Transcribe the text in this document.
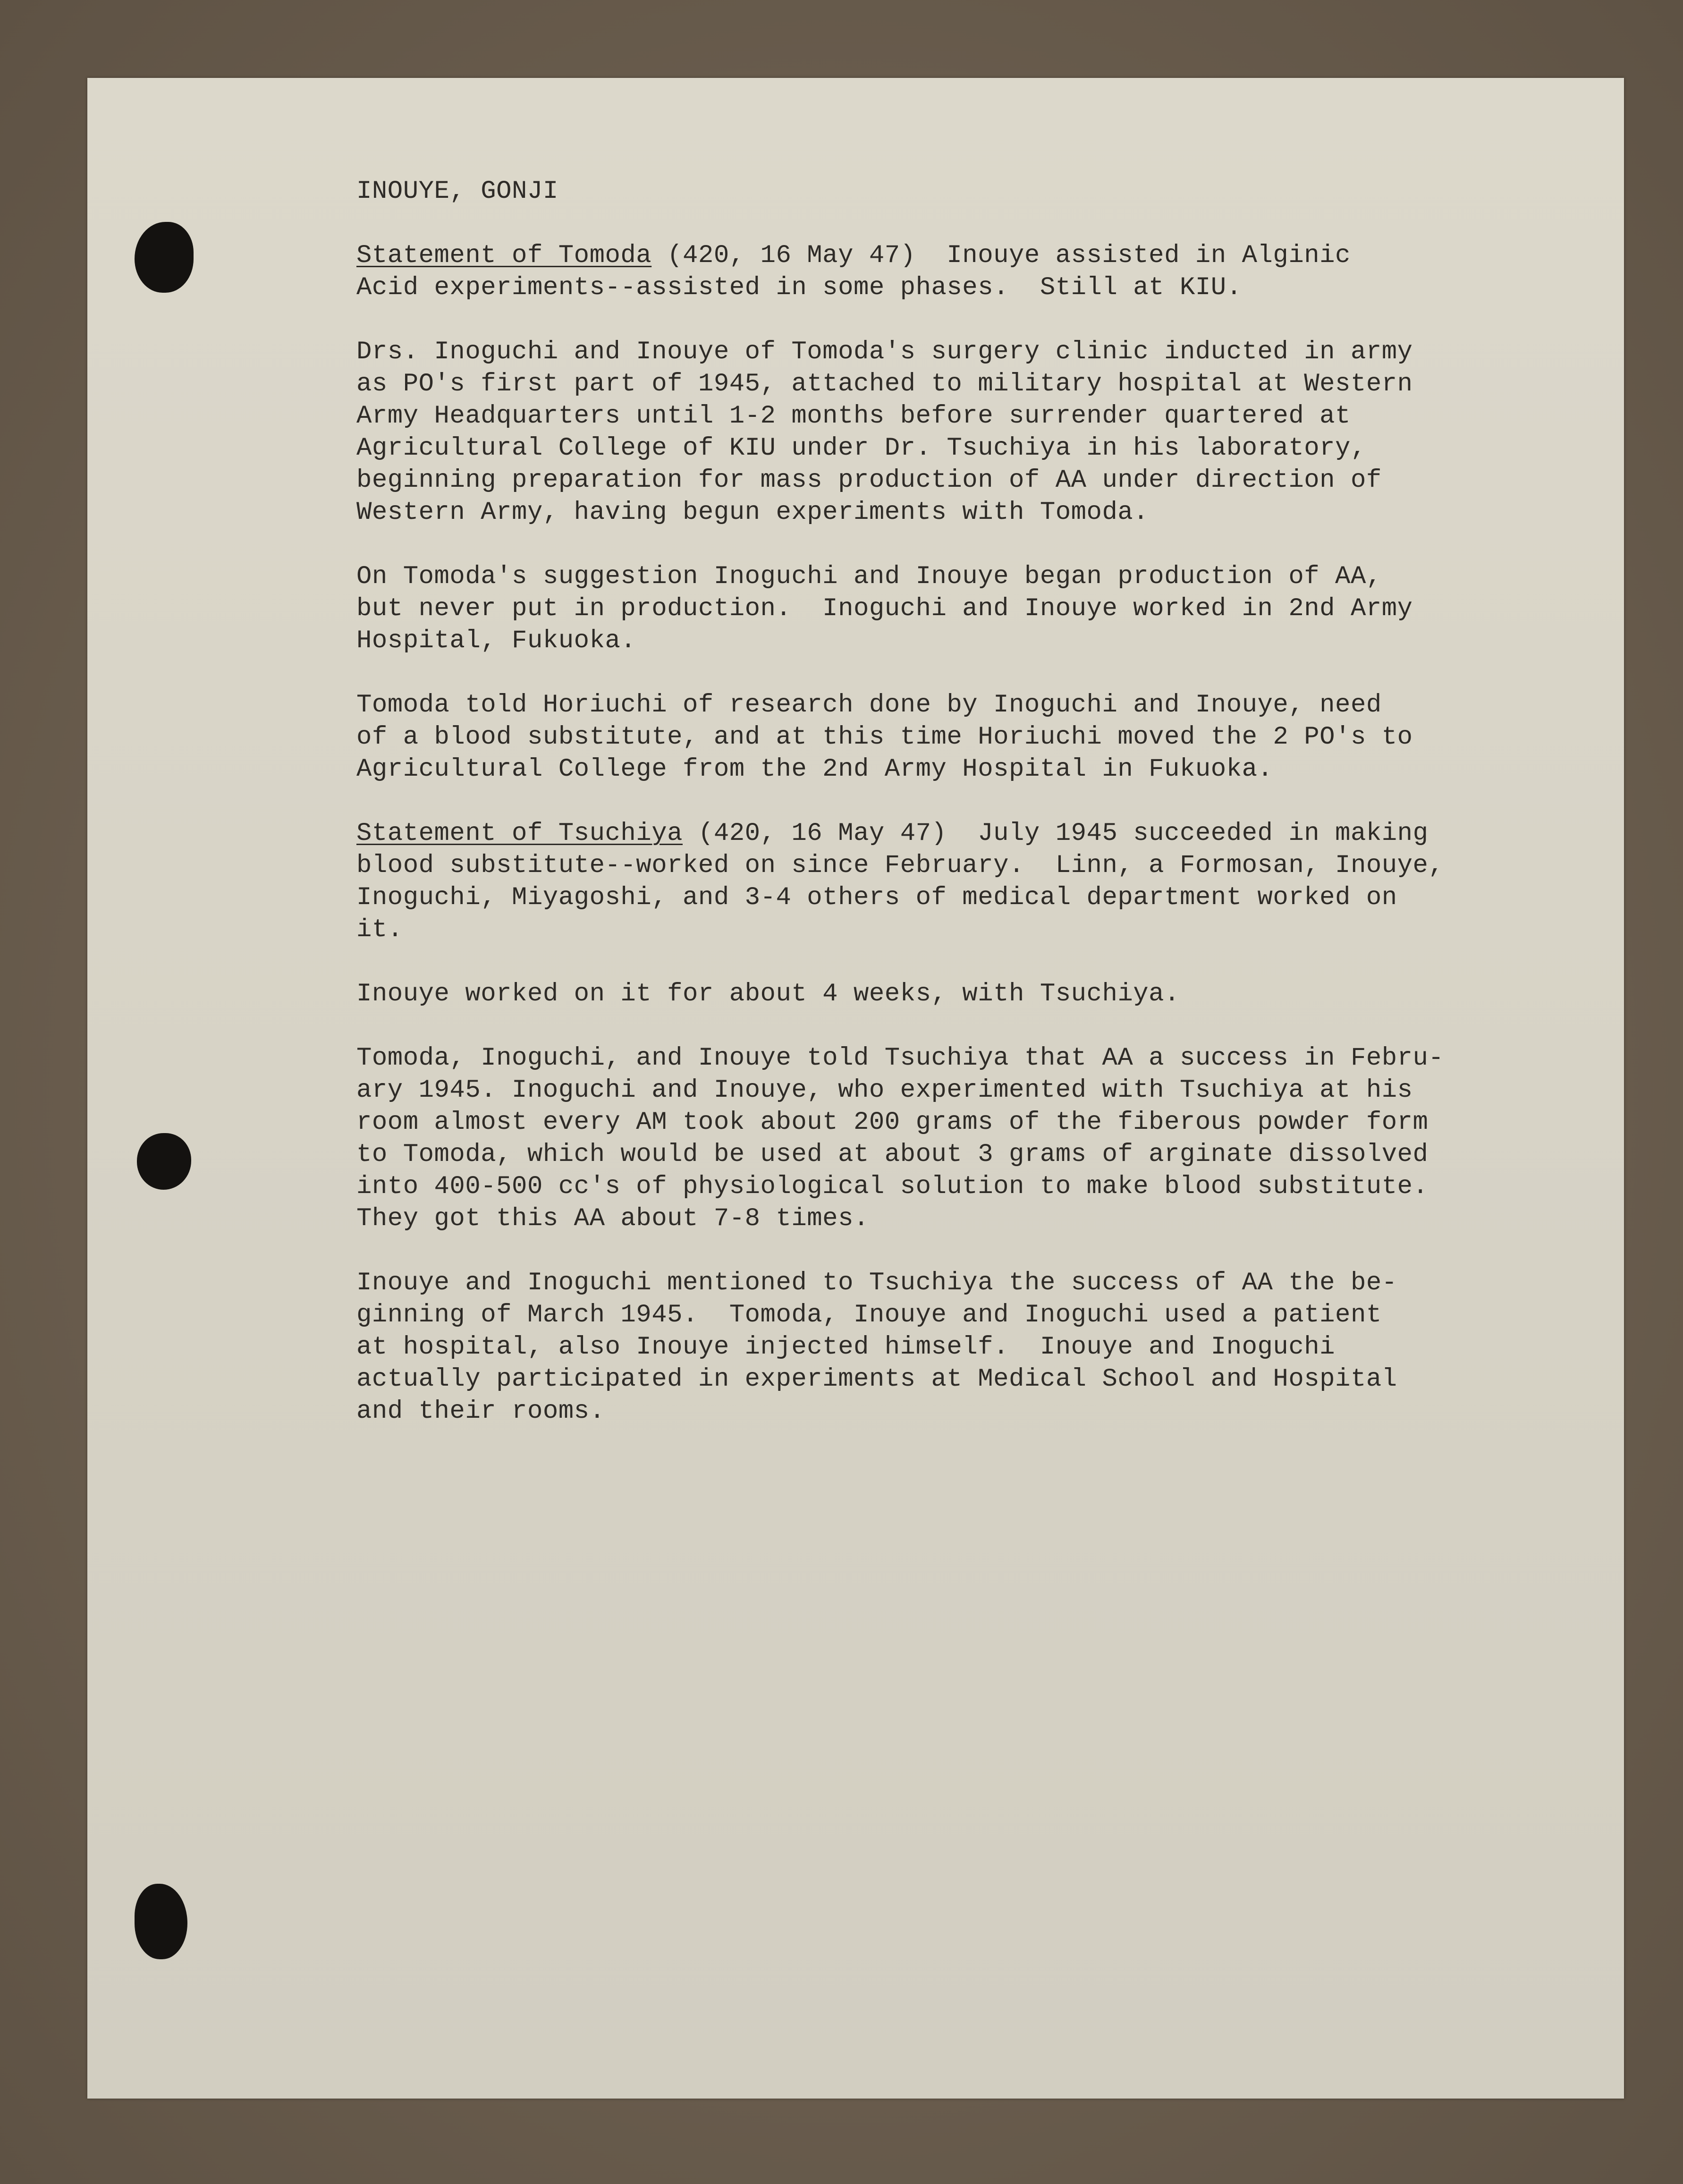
INOUYE, GONJI
Statement of Tomoda (420, 16 May 47)  Inouye assisted in Alginic
Acid experiments--assisted in some phases.  Still at KIU.
Drs. Inoguchi and Inouye of Tomoda's surgery clinic inducted in army
as PO's first part of 1945, attached to military hospital at Western
Army Headquarters until 1-2 months before surrender quartered at
Agricultural College of KIU under Dr. Tsuchiya in his laboratory,
beginning preparation for mass production of AA under direction of
Western Army, having begun experiments with Tomoda.
On Tomoda's suggestion Inoguchi and Inouye began production of AA,
but never put in production.  Inoguchi and Inouye worked in 2nd Army
Hospital, Fukuoka.
Tomoda told Horiuchi of research done by Inoguchi and Inouye, need
of a blood substitute, and at this time Horiuchi moved the 2 PO's to
Agricultural College from the 2nd Army Hospital in Fukuoka.
Statement of Tsuchiya (420, 16 May 47)  July 1945 succeeded in making
blood substitute--worked on since February.  Linn, a Formosan, Inouye,
Inoguchi, Miyagoshi, and 3-4 others of medical department worked on
it.
Inouye worked on it for about 4 weeks, with Tsuchiya.
Tomoda, Inoguchi, and Inouye told Tsuchiya that AA a success in Febru-
ary 1945. Inoguchi and Inouye, who experimented with Tsuchiya at his
room almost every AM took about 200 grams of the fiberous powder form
to Tomoda, which would be used at about 3 grams of arginate dissolved
into 400-500 cc's of physiological solution to make blood substitute.
They got this AA about 7-8 times.
Inouye and Inoguchi mentioned to Tsuchiya the success of AA the be-
ginning of March 1945.  Tomoda, Inouye and Inoguchi used a patient
at hospital, also Inouye injected himself.  Inouye and Inoguchi
actually participated in experiments at Medical School and Hospital
and their rooms.
